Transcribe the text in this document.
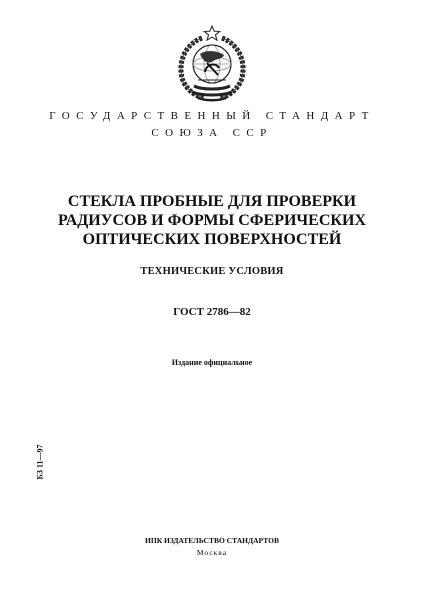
ГОСУДАРСТВЕННЫЙ СТАНДАРТ
СОЮЗА ССР
СТЕКЛА ПРОБНЫЕ ДЛЯ ПРОВЕРКИ
РАДИУСОВ И ФОРМЫ СФЕРИЧЕСКИХ
ОПТИЧЕСКИХ ПОВЕРХНОСТЕЙ
ТЕХНИЧЕСКИЕ УСЛОВИЯ
ГОСТ 2786—82
Издание официальное
БЗ 11—97
ИПК ИЗДАТЕЛЬСТВО СТАНДАРТОВ
Москва
